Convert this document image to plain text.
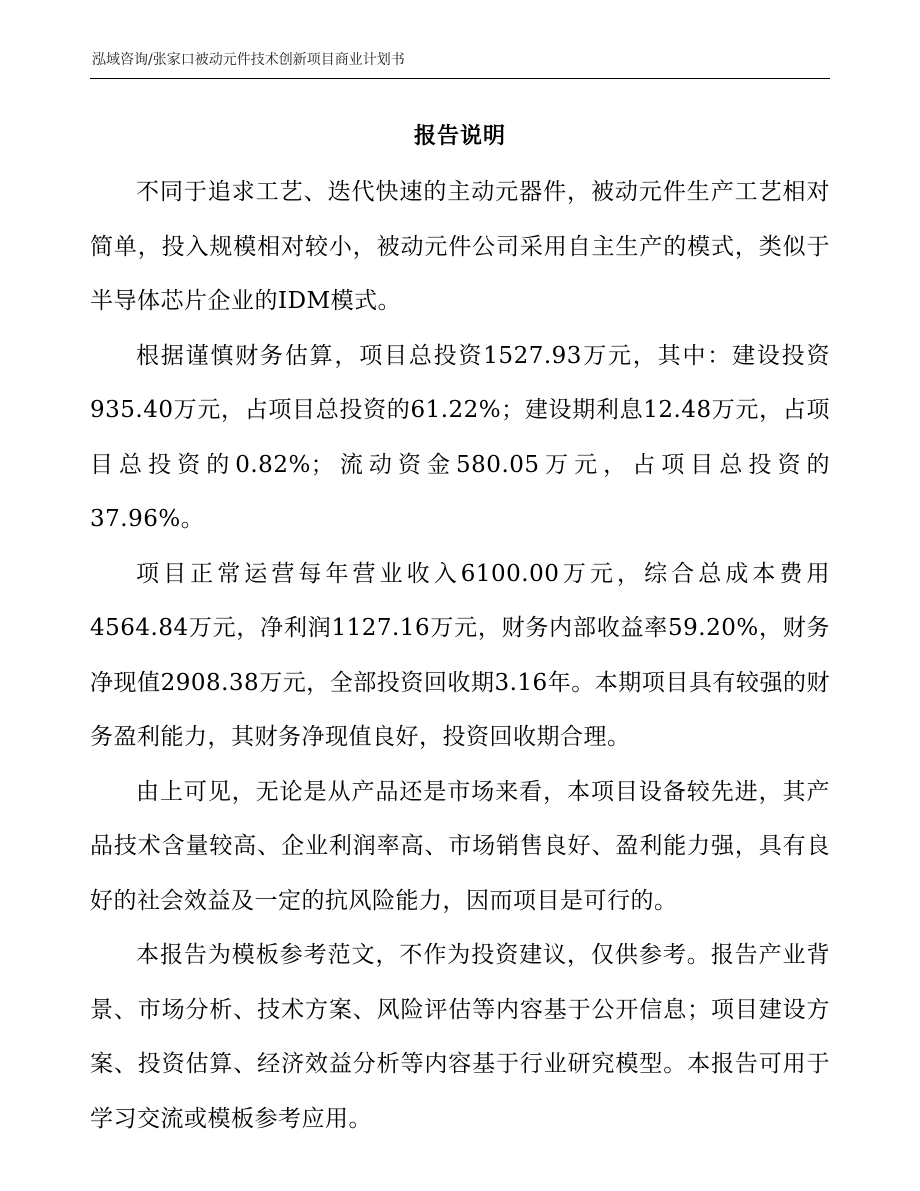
泓域咨询/张家口被动元件技术创新项目商业计划书
报告说明

不同于追求工艺、迭代快速的主动元器件，被动元件生产工艺相对简单，投入规模相对较小，被动元件公司采用自主生产的模式，类似于半导体芯片企业的IDM模式。

根据谨慎财务估算，项目总投资1527.93万元，其中：建设投资935.40万元，占项目总投资的61.22%；建设期利息12.48万元，占项目总投资的0.82%；流动资金580.05万元，占项目总投资的37.96%。

项目正常运营每年营业收入6100.00万元，综合总成本费用4564.84万元，净利润1127.16万元，财务内部收益率59.20%，财务净现值2908.38万元，全部投资回收期3.16年。本期项目具有较强的财务盈利能力，其财务净现值良好，投资回收期合理。

由上可见，无论是从产品还是市场来看，本项目设备较先进，其产品技术含量较高、企业利润率高、市场销售良好、盈利能力强，具有良好的社会效益及一定的抗风险能力，因而项目是可行的。

本报告为模板参考范文，不作为投资建议，仅供参考。报告产业背景、市场分析、技术方案、风险评估等内容基于公开信息；项目建设方案、投资估算、经济效益分析等内容基于行业研究模型。本报告可用于学习交流或模板参考应用。
